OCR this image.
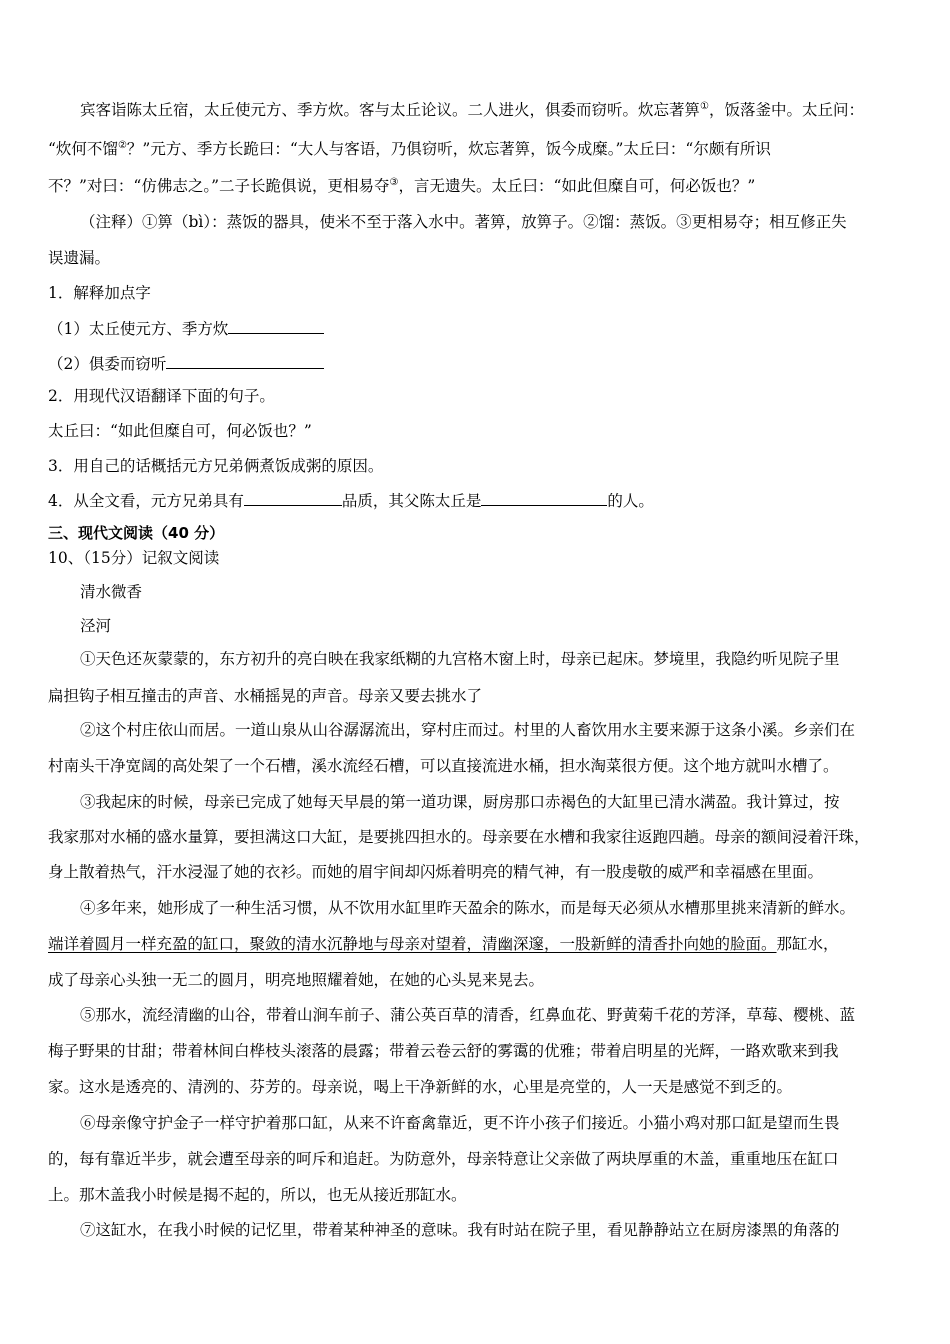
宾客诣陈太丘宿，太丘使元方、季方炊。客与太丘论议。二人进火，俱委而窃听。炊忘著箅①，饭落釜中。太丘问：
“炊何不馏②？”元方、季方长跪曰：“大人与客语，乃俱窃听，炊忘著箅，饭今成糜。”太丘曰：“尔颇有所识
不？”对曰：“仿佛志之。”二子长跪俱说，更相易夺③，言无遗失。太丘曰：“如此但糜自可，何必饭也？”
（注释）①箅（bì）：蒸饭的器具，使米不至于落入水中。著箅，放箅子。②馏：蒸饭。③更相易夺；相互修正失
误遗漏。
1．解释加点字
（1）太丘使元方、季方炊
（2）俱委而窃听
2．用现代汉语翻译下面的句子。
太丘曰：“如此但糜自可，何必饭也？”
3．用自己的话概括元方兄弟俩煮饭成粥的原因。
4．从全文看，元方兄弟具有	品质，其父陈太丘是	的人。
三、现代文阅读（40 分）
10、（15分）记叙文阅读
清水微香
泾河
①天色还灰蒙蒙的，东方初升的亮白映在我家纸糊的九宫格木窗上时，母亲已起床。梦境里，我隐约听见院子里
扁担钩子相互撞击的声音、水桶摇晃的声音。母亲又要去挑水了
②这个村庄依山而居。一道山泉从山谷潺潺流出，穿村庄而过。村里的人畜饮用水主要来源于这条小溪。乡亲们在
村南头干净宽阔的高处架了一个石槽，溪水流经石槽，可以直接流进水桶，担水淘菜很方便。这个地方就叫水槽了。
③我起床的时候，母亲已完成了她每天早晨的第一道功课，厨房那口赤褐色的大缸里已清水满盈。我计算过，按
我家那对水桶的盛水量算，要担满这口大缸，是要挑四担水的。母亲要在水槽和我家往返跑四趟。母亲的额间浸着汗珠，
身上散着热气，汗水浸湿了她的衣衫。而她的眉宇间却闪烁着明亮的精气神，有一股虔敬的威严和幸福感在里面。
④多年来，她形成了一种生活习惯，从不饮用水缸里昨天盈余的陈水，而是每天必须从水槽那里挑来清新的鲜水。
端详着圆月一样充盈的缸口，聚敛的清水沉静地与母亲对望着，清幽深邃，一股新鲜的清香扑向她的脸面。那缸水，
成了母亲心头独一无二的圆月，明亮地照耀着她，在她的心头晃来晃去。
⑤那水，流经清幽的山谷，带着山涧车前子、蒲公英百草的清香，红鼻血花、野黄菊千花的芳泽，草莓、樱桃、蓝
梅子野果的甘甜；带着林间白桦枝头滚落的晨露；带着云卷云舒的雾霭的优雅；带着启明星的光辉，一路欢歌来到我
家。这水是透亮的、清洌的、芬芳的。母亲说，喝上干净新鲜的水，心里是亮堂的，人一天是感觉不到乏的。
⑥母亲像守护金子一样守护着那口缸，从来不许畜禽靠近，更不许小孩子们接近。小猫小鸡对那口缸是望而生畏
的，每有靠近半步，就会遭至母亲的呵斥和追赶。为防意外，母亲特意让父亲做了两块厚重的木盖，重重地压在缸口
上。那木盖我小时候是揭不起的，所以，也无从接近那缸水。
⑦这缸水，在我小时候的记忆里，带着某种神圣的意味。我有时站在院子里，看见静静站立在厨房漆黑的角落的
